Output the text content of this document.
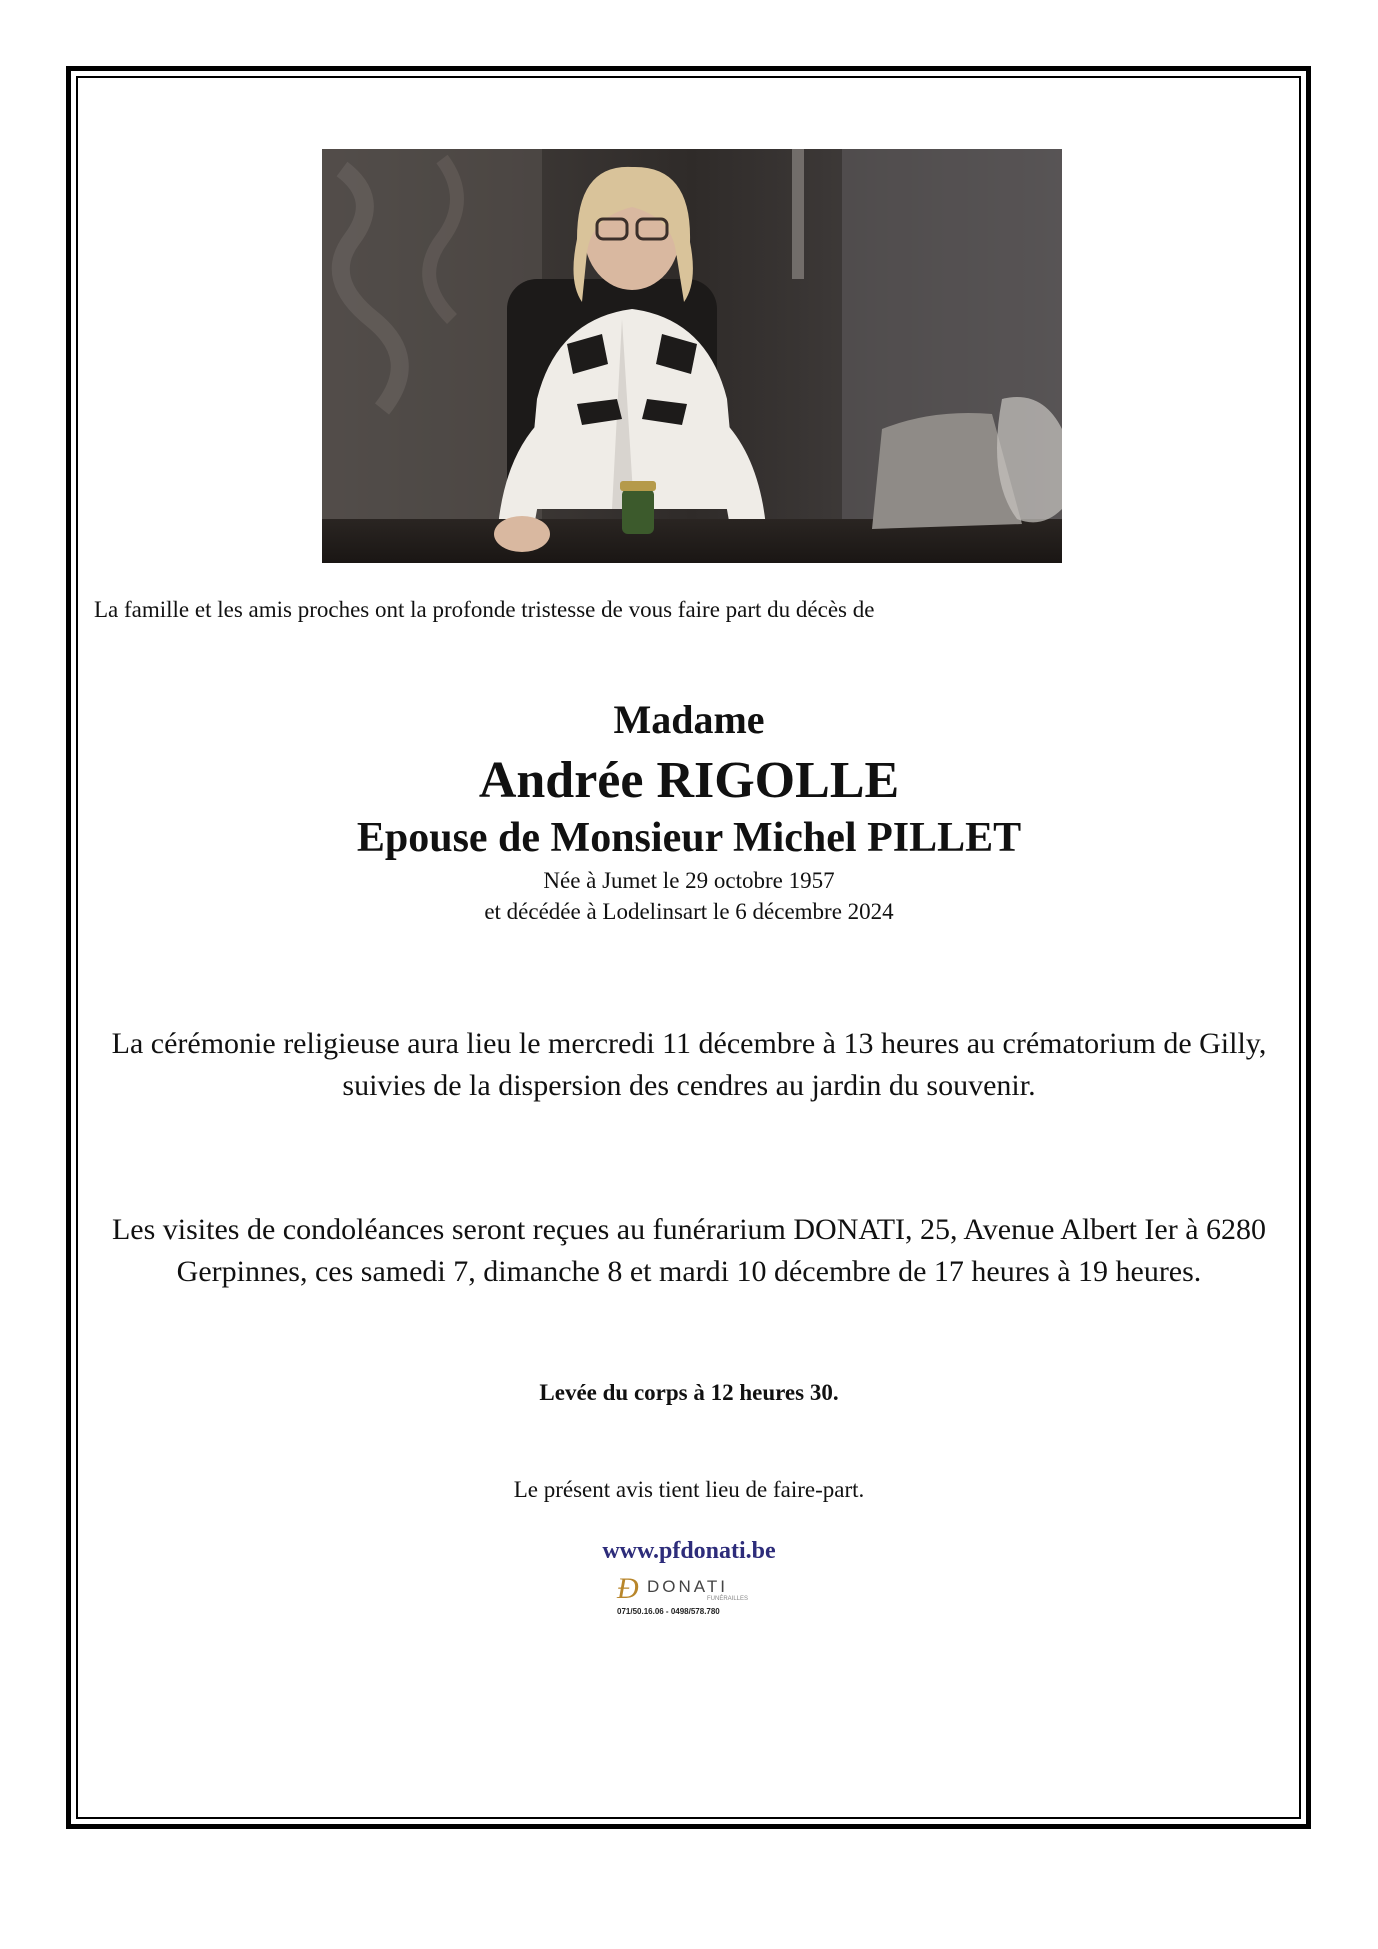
La famille et les amis proches ont la profonde tristesse de vous faire part du décès de
Madame
Andrée RIGOLLE
Epouse de Monsieur Michel PILLET
Née à Jumet le 29 octobre 1957
et décédée à Lodelinsart le 6 décembre 2024
La cérémonie religieuse aura lieu le mercredi 11 décembre à 13 heures au crématorium de Gilly, suivies de la dispersion des cendres au jardin du souvenir.
Les visites de condoléances seront reçues au funérarium DONATI, 25, Avenue Albert Ier à 6280 Gerpinnes, ces samedi 7, dimanche 8 et mardi 10 décembre de 17 heures à 19 heures.
Levée du corps à 12 heures 30.
Le présent avis tient lieu de faire-part.
www.pfdonati.be
Ð DONATI
FUNÉRAILLES
071/50.16.06 - 0498/578.780
